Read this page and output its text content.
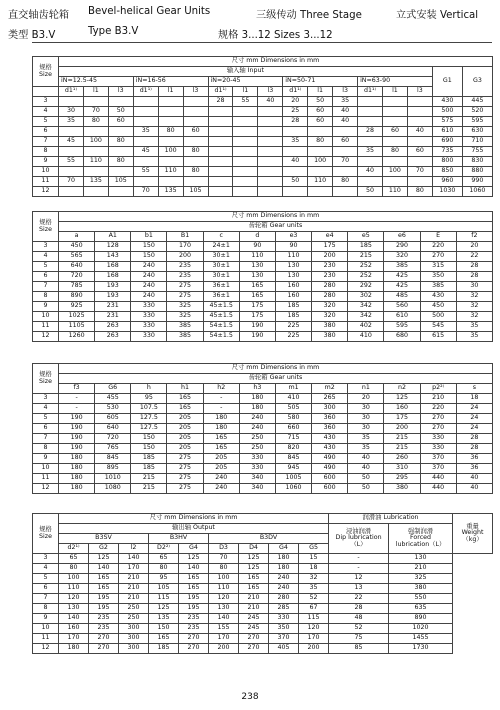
直交轴齿轮箱 Bevel-helical Gear Units	三级传动 Three Stage	立式安装 Vertical
类型 B3.V	Type B3.V	规格 3...12 Sizes 3...12
规格
Size	尺寸 mm Dimensions in mm																
	输入轴 Input															G1	G3
	iN=12.5-45			iN=16-56			iN=20-45			iN=50-71			iN=63-90				
	d1¹⁾	l1	l3	d1¹⁾	l1	l3	d1¹⁾	l1	l3	d1¹⁾	l1	l3	d1¹⁾	l1	l3		
3							28	55	40	20	50	35				430	445
4	30	70	50							25	60	40				500	520
5	35	80	60							28	60	40				575	595
6				35	80	60							28	60	40	610	630
7	45	100	80							35	80	60				690	710
8				45	100	80							35	80	60	735	755
9	55	110	80							40	100	70				800	830
10				55	110	80							40	100	70	850	880
11	70	135	105							50	110	80				960	990
12				70	135	105							50	110	80	1030	1060
规格
Size	尺寸 mm Dimensions in mm											
	齿轮箱 Gear units											
	a	A1	b1	B1	c	d	e3	e4	e5	e6	E	f2
3	450	128	150	170	24±1	90	90	175	185	290	220	20
4	565	143	150	200	30±1	110	110	200	215	320	270	22
5	640	168	240	235	30±1	130	130	230	252	385	315	28
6	720	168	240	235	30±1	130	130	230	252	425	350	28
7	785	193	240	275	36±1	165	160	280	292	425	385	30
8	890	193	240	275	36±1	165	160	280	302	485	430	32
9	925	231	330	325	45±1.5	175	185	320	342	560	450	32
10	1025	231	330	325	45±1.5	175	185	320	342	610	500	32
11	1105	263	330	385	54±1.5	190	225	380	402	595	545	35
12	1260	263	330	385	54±1.5	190	225	380	410	680	615	35
规格
Size	尺寸 mm Dimensions in mm											
	齿轮箱 Gear units											
	f3	G6	h	h1	h2	h3	m1	m2	n1	n2	p2²⁾	s
3	-	455	95	165	-	180	410	265	20	125	210	18
4	-	530	107.5	165	-	180	505	300	30	160	220	24
5	190	605	127.5	205	180	240	580	360	30	175	270	24
6	190	640	127.5	205	180	240	660	360	30	200	270	24
7	190	720	150	205	165	250	715	430	35	215	330	28
8	190	765	150	205	165	250	820	430	35	215	330	28
9	180	845	185	275	205	330	845	490	40	260	370	36
10	180	895	185	275	205	330	945	490	40	310	370	36
11	180	1010	215	275	240	340	1005	600	50	295	440	40
12	180	1080	215	275	240	340	1060	600	50	380	440	40
规格
Size	尺寸 mm Dimensions in mm									润滑油 Lubrication		重量
Weight
（kg）
	输出轴 Output									浸油润滑
Dip lubrication
（L）	强制润滑
Forced
lubrication（L）	
	B3SV			B3HV		B3DV						
	d2¹⁾	G2	l2	D2²⁾	G4	D3	D4	G4	G5			
3	65	125	140	65	125	70	125	180	15	-	130	
4	80	140	170	80	140	80	125	180	18	-	210	
5	100	165	210	95	165	100	165	240	32	12	325	
6	110	165	210	105	165	110	165	240	35	13	380	
7	120	195	210	115	195	120	210	280	52	22	550	
8	130	195	250	125	195	130	210	285	67	28	635	
9	140	235	250	135	235	140	245	330	115	48	890	
10	160	235	300	150	235	155	245	350	120	52	1020	
11	170	270	300	165	270	170	270	370	170	75	1455	
12	180	270	300	185	270	200	270	405	200	85	1730	
238
